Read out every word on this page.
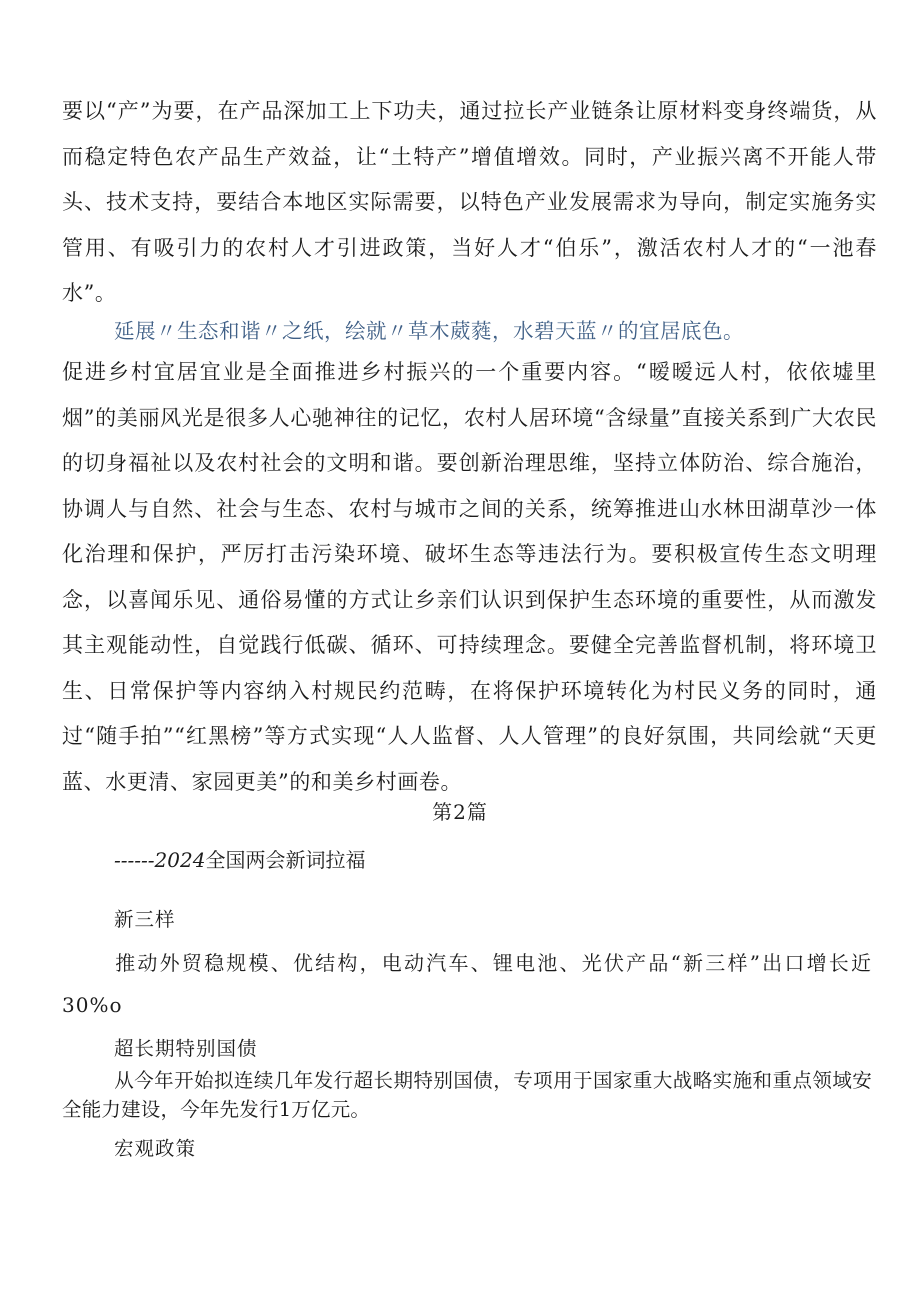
要以“产”为要，在产品深加工上下功夫，通过拉长产业链条让原材料变身终端货，从而稳定特色农产品生产效益，让“土特产”增值增效。同时，产业振兴离不开能人带头、技术支持，要结合本地区实际需要，以特色产业发展需求为导向，制定实施务实管用、有吸引力的农村人才引进政策，当好人才“伯乐”，激活农村人才的“一池春水”。

延展〃生态和谐〃之纸，绘就〃草木葳蕤，水碧天蓝〃的宜居底色。

促进乡村宜居宜业是全面推进乡村振兴的一个重要内容。“暧暧远人村，依依墟里烟”的美丽风光是很多人心驰神往的记忆，农村人居环境“含绿量”直接关系到广大农民的切身福祉以及农村社会的文明和谐。要创新治理思维，坚持立体防治、综合施治，协调人与自然、社会与生态、农村与城市之间的关系，统筹推进山水林田湖草沙一体化治理和保护，严厉打击污染环境、破坏生态等违法行为。要积极宣传生态文明理念，以喜闻乐见、通俗易懂的方式让乡亲们认识到保护生态环境的重要性，从而激发其主观能动性，自觉践行低碳、循环、可持续理念。要健全完善监督机制，将环境卫生、日常保护等内容纳入村规民约范畴，在将保护环境转化为村民义务的同时，通过“随手拍”“红黑榜”等方式实现“人人监督、人人管理”的良好氛围，共同绘就“天更蓝、水更清、家园更美”的和美乡村画卷。

第2篇

------2024全国两会新词拉福

新三样

推动外贸稳规模、优结构，电动汽车、锂电池、光伏产品“新三样”出口增长近30%o

超长期特别国债

从今年开始拟连续几年发行超长期特别国债，专项用于国家重大战略实施和重点领域安全能力建设，今年先发行1万亿元。

宏观政策
